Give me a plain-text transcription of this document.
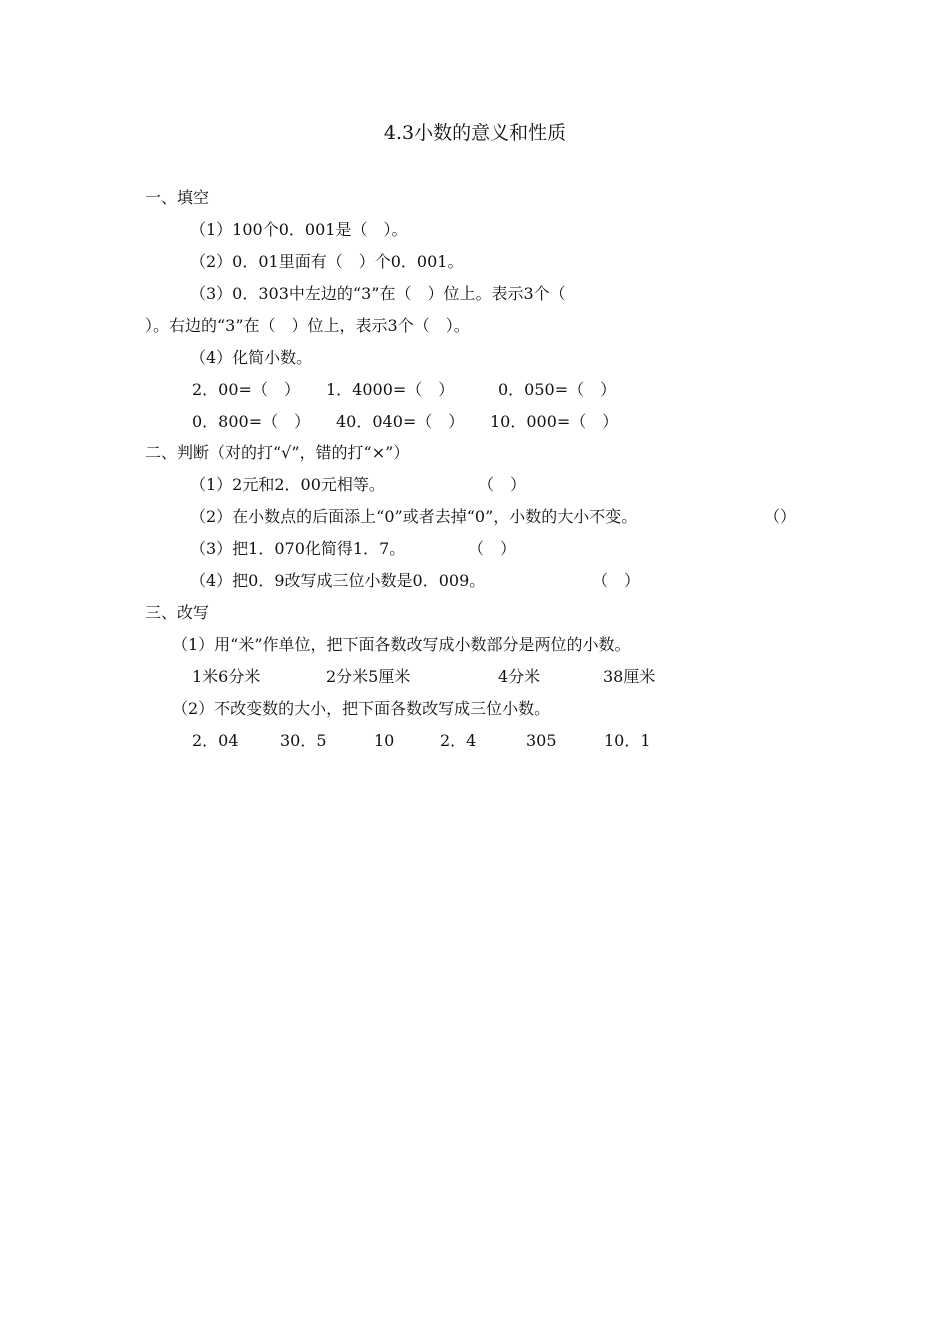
4.3小数的意义和性质
一、填空
（1）100个0．001是（　）。
（2）0．01里面有（　）个0．001。
（3）0．303中左边的“3”在（　）位上。表示3个（
）。右边的“3”在（　）位上，表示3个（　）。
（4）化简小数。
2．00=（　） 1．4000=（　）	0．050=（　）
0．800=（　） 40．040=（　） 10．000=（　）
二、判断（对的打“√”，错的打“×”）
（1）2元和2．00元相等。	（　）
（2）在小数点的后面添上“0”或者去掉“0”，小数的大小不变。	（）
（3）把1．070化简得1．7。	（　）
（4）把0．9改写成三位小数是0．009。	（　）
三、改写
（1）用“米”作单位，把下面各数改写成小数部分是两位的小数。
1米6分米	2分米5厘米	4分米	38厘米
（2）不改变数的大小，把下面各数改写成三位小数。
2．04	30．5	10	2．4	305	10．1
